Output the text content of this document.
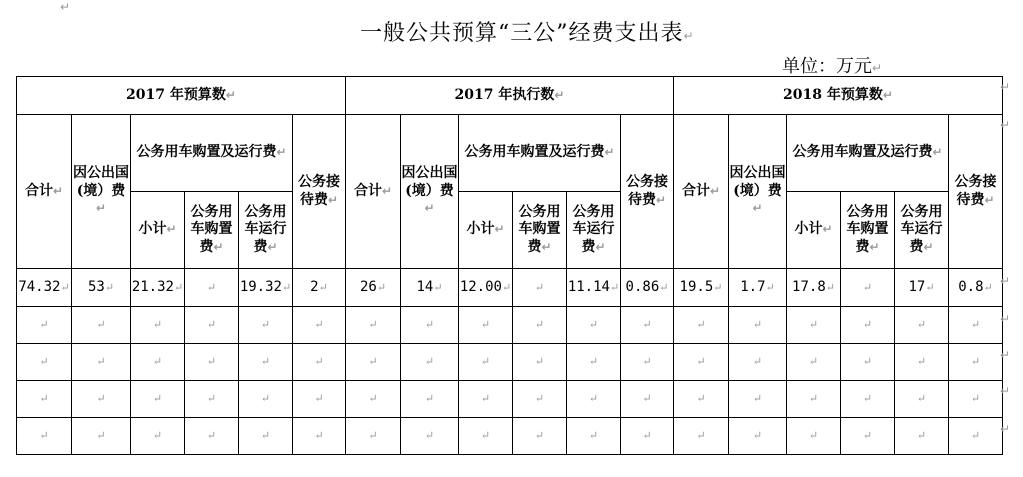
↵
一般公共预算“三公”经费支出表↵
单位：万元↵
2017 年预算数↵						2017 年执行数↵						2018 年预算数↵					
合计↵	因公出国(境）费↵	公务用车购置及运行费↵			公务接待费↵	合计↵	因公出国(境）费↵	公务用车购置及运行费↵			公务接待费↵	合计↵	因公出国(境）费↵	公务用车购置及运行费↵			公务接待费↵
		小计↵	公务用车购置费↵	公务用车运行费↵				小计↵	公务用车购置费↵	公务用车运行费↵				小计↵	公务用车购置费↵	公务用车运行费↵	
74.32↵	53↵	21.32↵	↵	19.32↵	2↵	26↵	14↵	12.00↵	↵	11.14↵	0.86↵	19.5↵	1.7↵	17.8↵	↵	17↵	0.8↵
↵	↵	↵	↵	↵	↵	↵	↵	↵	↵	↵	↵	↵	↵	↵	↵	↵	↵
↵	↵	↵	↵	↵	↵	↵	↵	↵	↵	↵	↵	↵	↵	↵	↵	↵	↵
↵	↵	↵	↵	↵	↵	↵	↵	↵	↵	↵	↵	↵	↵	↵	↵	↵	↵
↵	↵	↵	↵	↵	↵	↵	↵	↵	↵	↵	↵	↵	↵	↵	↵	↵	↵
↵
↵
↵
↵
↵
↵
↵
